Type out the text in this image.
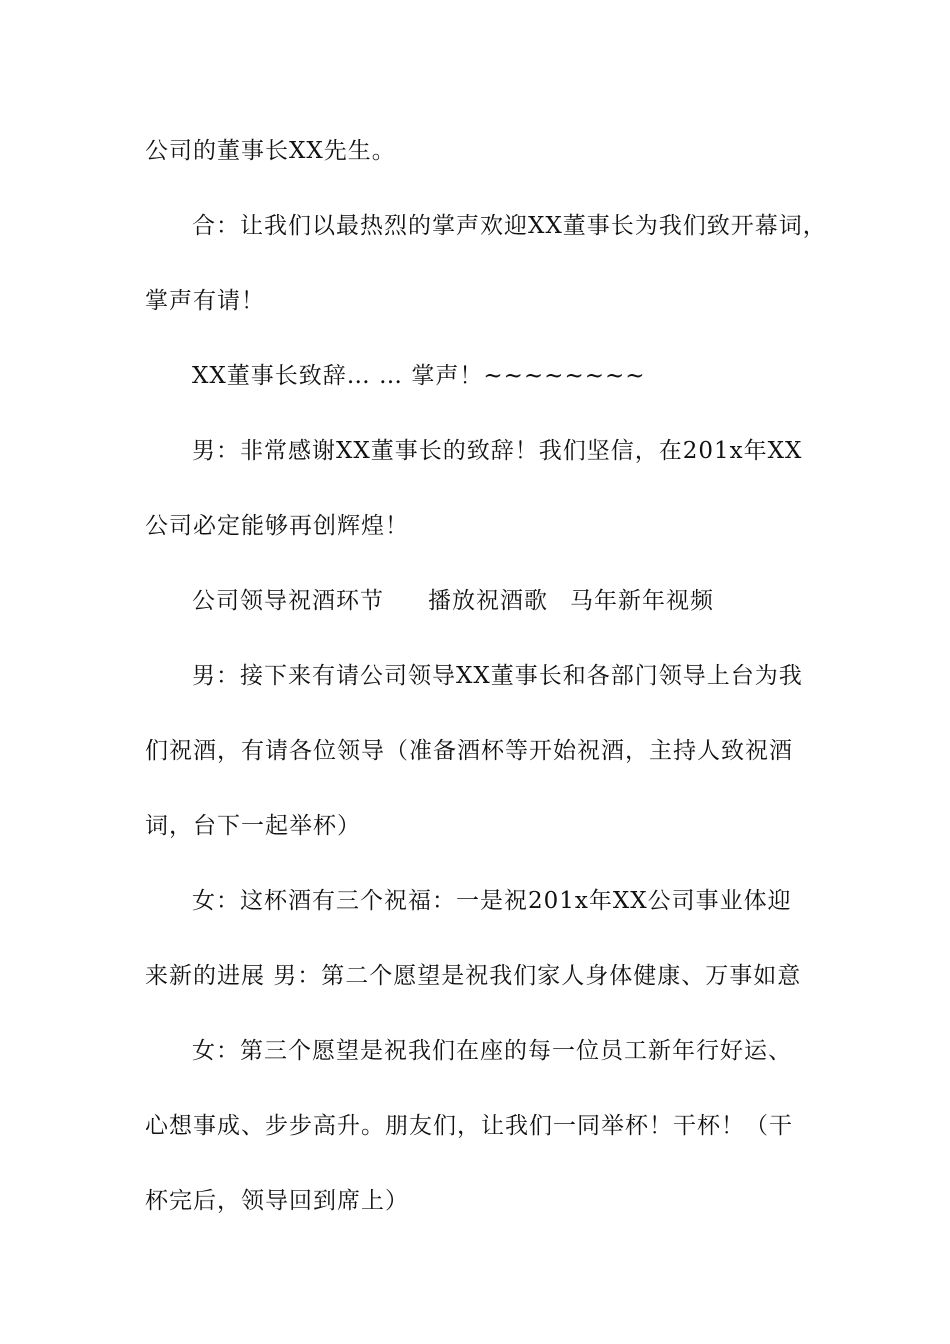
公司的董事长XX先生。
合：让我们以最热烈的掌声欢迎XX董事长为我们致开幕词，
掌声有请！
XX董事长致辞… … 掌声！~~~~~~~~
男：非常感谢XX董事长的致辞！我们坚信，在201x年XX
公司必定能够再创辉煌！
公司领导祝酒环节 播放祝酒歌 马年新年视频
男：接下来有请公司领导XX董事长和各部门领导上台为我
们祝酒，有请各位领导（准备酒杯等开始祝酒，主持人致祝酒
词，台下一起举杯）
女：这杯酒有三个祝福：一是祝201x年XX公司事业体迎
来新的进展 男：第二个愿望是祝我们家人身体健康、万事如意
女：第三个愿望是祝我们在座的每一位员工新年行好运、
心想事成、步步高升。朋友们，让我们一同举杯！干杯！（干
杯完后，领导回到席上）
